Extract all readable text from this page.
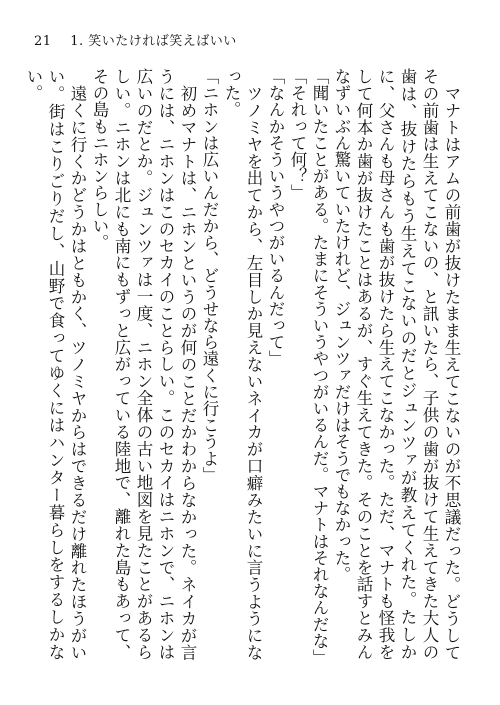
21 1. 笑いたければ笑えばいい

マナトはアムの前歯が抜けたまま生えてこないのが不思議だった。どうしてその前歯は生えてこないの、と訊いたら、子供の歯が抜けて生えてきた大人の歯は、抜けたらもう生えてこないのだとジュンツァが教えてくれた。たしかに、父さんも母さんも歯が抜けたら生えてこなかった。ただ、マナトも怪我をして何本か歯が抜けたことはあるが、すぐ生えてきた。そのことを話すとみんなずいぶん驚いていたけれど、ジュンツァだけはそうでもなかった。

「聞いたことがある。たまにそういうやつがいるんだ。マナトはそれなんだな」

「それって何？」

「なんかそういうやつがいるんだって」

ツノミヤを出てから、左目しか見えないネイカが口癖みたいに言うようになった。

「ニホンは広いんだから、どうせなら遠くに行こうよ」

初めマナトは、ニホンというのが何のことだかわからなかった。ネイカが言うには、ニホンはこのセカイのことらしい。このセカイはニホンで、ニホンは広いのだとか。ジュンツァは一度、ニホン全体の古い地図を見たことがあるらしい。ニホンは北にも南にもずっと広がっている陸地で、離れた島もあって、その島もニホンらしい。

遠くに行くかどうかはともかく、ツノミヤからはできるだけ離れたほうがいい。街はこりごりだし、山野で食ってゆくにはハンター暮らしをするしかない。
